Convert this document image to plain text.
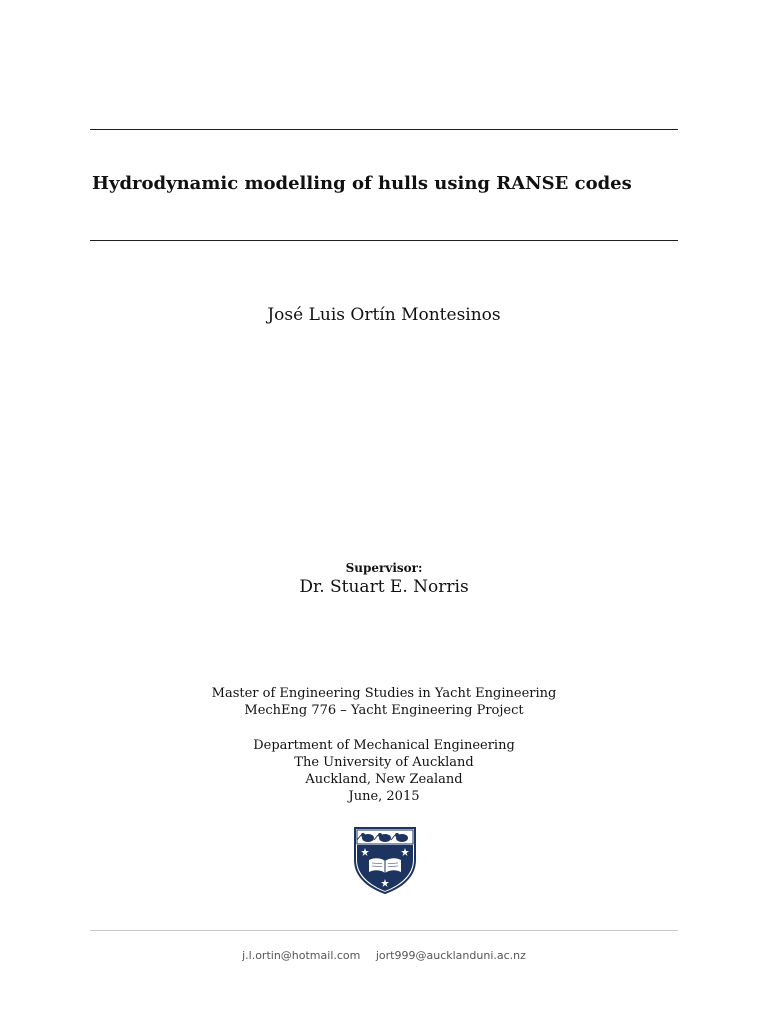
Hydrodynamic modelling of hulls using RANSE codes
José Luis Ortín Montesinos
Supervisor:
Dr. Stuart E. Norris
Master of Engineering Studies in Yacht Engineering
MechEng 776 – Yacht Engineering Project
Department of Mechanical Engineering
The University of Auckland
Auckland, New Zealand
June, 2015
j.l.ortin@hotmail.com jort999@aucklanduni.ac.nz
